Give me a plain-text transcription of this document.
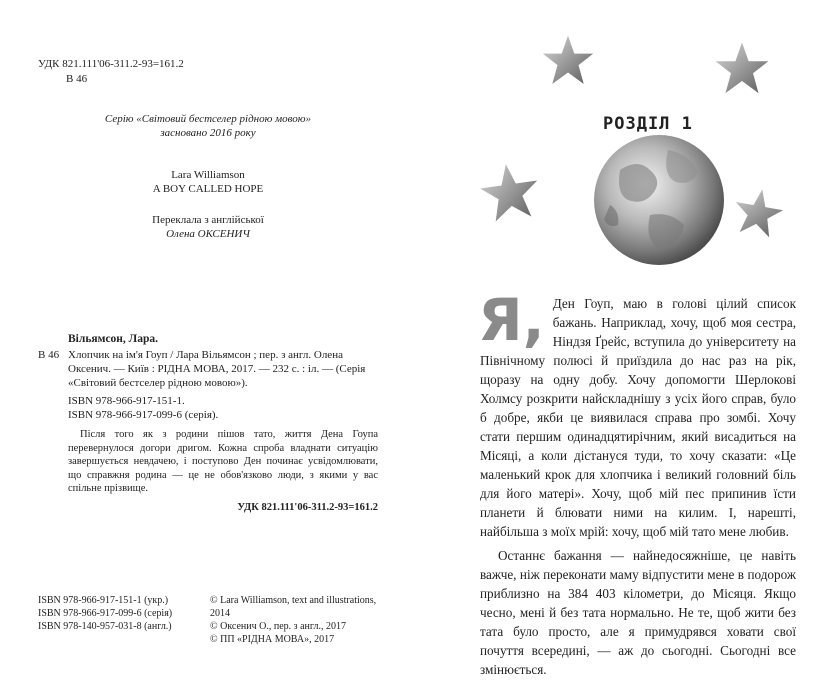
УДК 821.111'06-311.2-93=161.2
В 46
Серію «Світовий бестселер рідною мовою»
засновано 2016 року
Lara Williamson
A BOY CALLED HOPE
Переклала з англійської
Олена ОКСЕНИЧ
Вільямсон, Лара.
В 46 Хлопчик на ім'я Гоуп / Лара Вільямсон ; пер. з англ. Олена Оксенич. — Київ : РІДНА МОВА, 2017. — 232 с. : іл. — (Серія «Світовий бестселер рідною мовою»).
ISBN 978-966-917-151-1.
ISBN 978-966-917-099-6 (серія).
Після того як з родини пішов тато, життя Дена Гоупа перевернулося догори дригом. Кожна спроба владнати ситуацію завершується невдачею, і поступово Ден починає усвідомлювати, що справжня родина — це не обов'язково люди, з якими у вас спільне прізвище.
УДК 821.111'06-311.2-93=161.2
ISBN 978-966-917-151-1 (укр.)
ISBN 978-966-917-099-6 (серія)
ISBN 978-140-957-031-8 (англ.)
© Lara Williamson, text and illustrations, 2014
© Оксенич О., пер. з англ., 2017
© ПП «РІДНА МОВА», 2017
РОЗДІЛ 1

Я, Ден Гоуп, маю в голові цілий список бажань. Наприклад, хочу, щоб моя сестра, Ніндзя Ґрейс, вступила до університету на Північному полюсі й приїздила до нас раз на рік, щоразу на одну добу. Хочу допомогти Шерлокові Холмсу розкрити найскладнішу з усіх його справ, було б добре, якби це виявилася справа про зомбі. Хочу стати першим одинадцятирічним, який висадиться на Місяці, а коли дістануся туди, то хочу сказати: «Це маленький крок для хлопчика і великий головний біль для його матері». Хочу, щоб мій пес припинив їсти планети й блювати ними на килим. І, нарешті, найбільша з моїх мрій: хочу, щоб мій тато мене любив.

Останнє бажання — найнедосяжніше, це навіть важче, ніж переконати маму відпустити мене в подорож приблизно на 384 403 кілометри, до Місяця. Якщо чесно, мені й без тата нормально. Не те, щоб жити без тата було просто, але я примудрявся ховати свої почуття всередині, — аж до сьогодні. Сьогодні все змінюється.
